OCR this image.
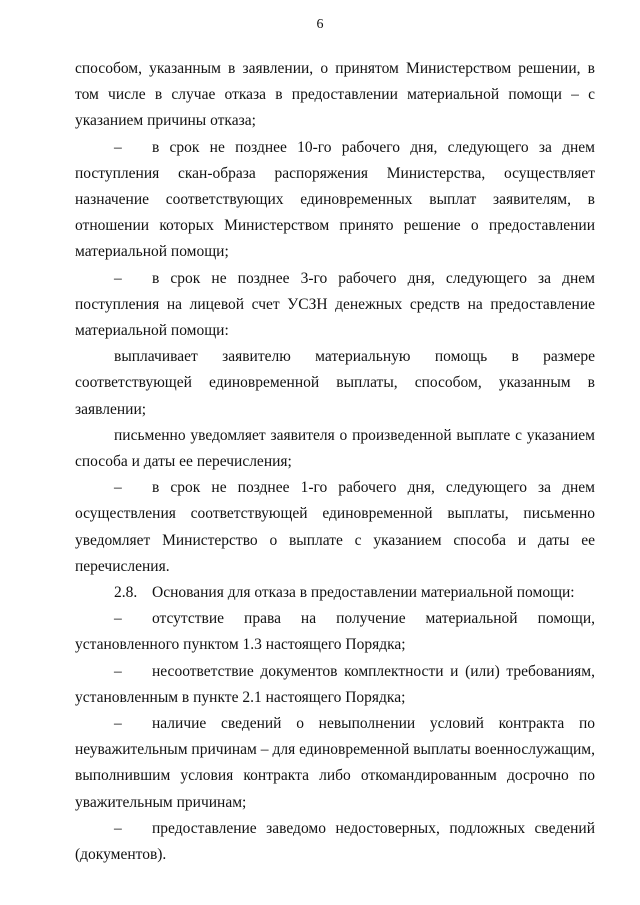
6

способом, указанным в заявлении, о принятом Министерством решении, в том числе в случае отказа в предоставлении материальной помощи – с указанием причины отказа;

– в срок не позднее 10-го рабочего дня, следующего за днем поступления скан-образа распоряжения Министерства, осуществляет назначение соответствующих единовременных выплат заявителям, в отношении которых Министерством принято решение о предоставлении материальной помощи;

– в срок не позднее 3-го рабочего дня, следующего за днем поступления на лицевой счет УСЗН денежных средств на предоставление материальной помощи:

выплачивает заявителю материальную помощь в размере соответствующей единовременной выплаты, способом, указанным в заявлении;

письменно уведомляет заявителя о произведенной выплате с указанием способа и даты ее перечисления;

– в срок не позднее 1-го рабочего дня, следующего за днем осуществления соответствующей единовременной выплаты, письменно уведомляет Министерство о выплате с указанием способа и даты ее перечисления.

2.8. Основания для отказа в предоставлении материальной помощи:

– отсутствие права на получение материальной помощи, установленного пунктом 1.3 настоящего Порядка;

– несоответствие документов комплектности и (или) требованиям, установленным в пункте 2.1 настоящего Порядка;

– наличие сведений о невыполнении условий контракта по неуважительным причинам – для единовременной выплаты военнослужащим, выполнившим условия контракта либо откомандированным досрочно по уважительным причинам;

– предоставление заведомо недостоверных, подложных сведений (документов).
